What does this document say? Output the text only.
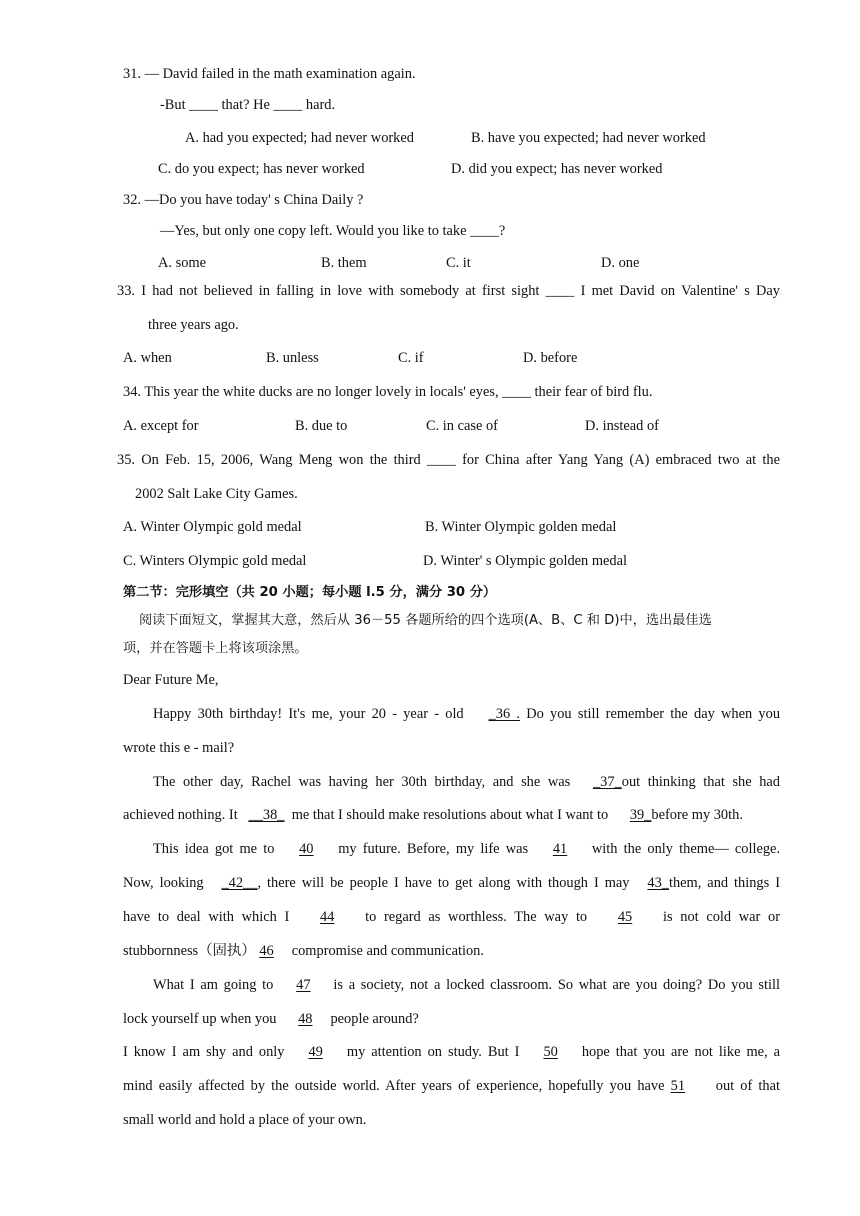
31. — David failed in the math examination again.
-But ____ that? He ____ hard.
A. had you expected; had never worked	B. have you expected; had never worked
C. do you expect; has never worked	D. did you expect; has never worked
32. —Do you have today' s China Daily ?
—Yes, but only one copy left. Would you like to take ____?
A. some	B. them	C. it	D. one
33. I had not believed in falling in love with somebody at first sight ____ I met David on Valentine' s Day
three years ago.
A. when	B. unless	C. if	D. before
34. This year the white ducks are no longer lovely in locals' eyes, ____ their fear of bird flu.
A. except for	B. due to	C. in case of	D. instead of
35. On Feb. 15, 2006, Wang Meng won the third ____ for China after Yang Yang (A) embraced two at the
2002 Salt Lake City Games.
A. Winter Olympic gold medal	B. Winter Olympic golden medal
C. Winters Olympic gold medal	D. Winter' s Olympic golden medal
第二节：完形填空（共 20 小题；每小题 l.5 分，满分 30 分）
阅读下面短文，掌握其大意，然后从 36－55 各题所给的四个选项(A、B、C 和 D)中，选出最佳选
项，并在答题卡上将该项涂黑。
Dear Future Me,
Happy 30th birthday! It's me, your 20 - year - old _36 . Do you still remember the day when you
wrote this e - mail?
The other day, Rachel was having her 30th birthday, and she was _37_out thinking that she had
achieved nothing. It __38_ me that I should make resolutions about what I want to 39_before my 30th.
This idea got me to 40 my future. Before, my life was 41 with the only theme— college.
Now, looking _42__, there will be people I have to get along with though I may 43_them, and things I
have to deal with which I 44 to regard as worthless. The way to 45 is not cold war or
stubbornness（固执） 46 compromise and communication.
What I am going to 47 is a society, not a locked classroom. So what are you doing? Do you still
lock yourself up when you 48 people around?
I know I am shy and only 49 my attention on study. But I 50 hope that you are not like me, a
mind easily affected by the outside world. After years of experience, hopefully you have 51 out of that
small world and hold a place of your own.
